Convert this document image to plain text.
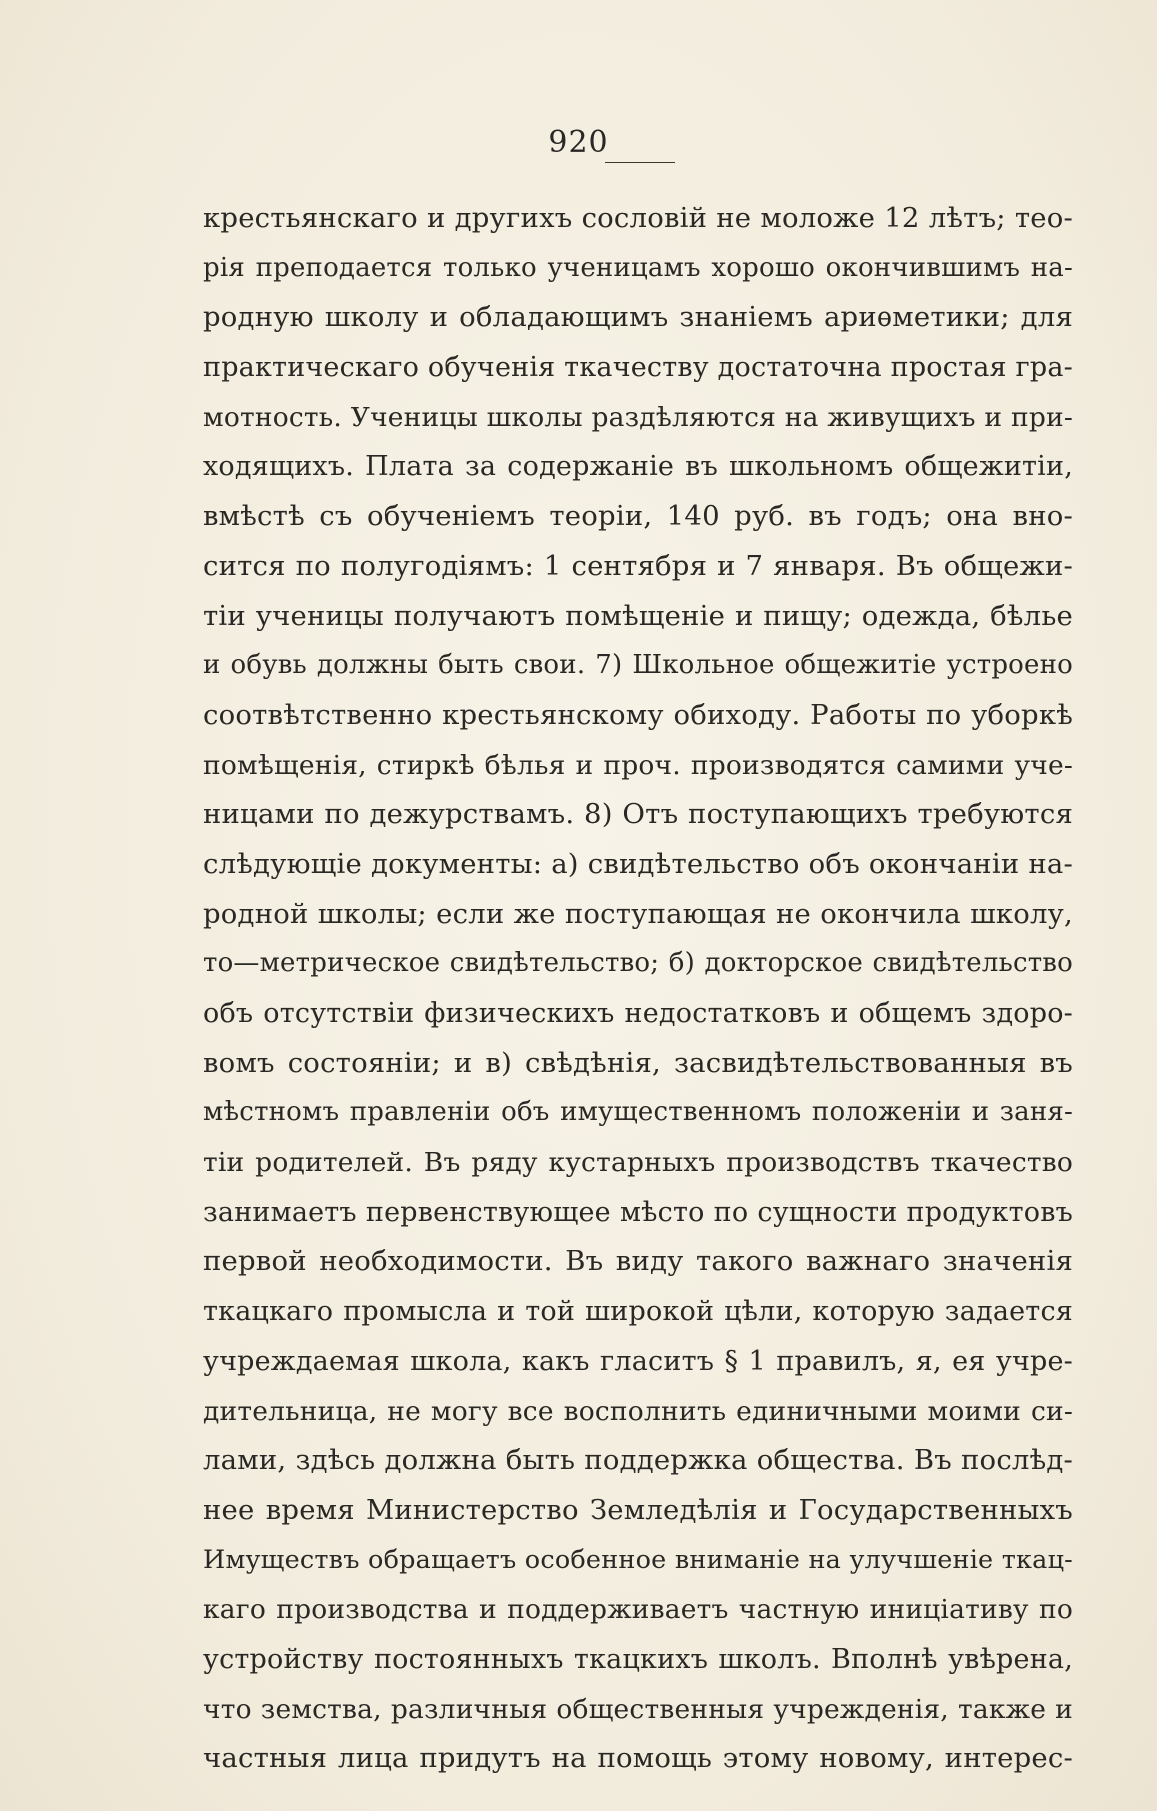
920
крестьянскаго и другихъ сословій не моложе 12 лѣтъ; тео-
рія преподается только ученицамъ хорошо окончившимъ на-
родную школу и обладающимъ знаніемъ ариѳметики; для
практическаго обученія ткачеству достаточна простая гра-
мотность. Ученицы школы раздѣляются на живущихъ и при-
ходящихъ. Плата за содержаніе въ школьномъ общежитіи,
вмѣстѣ съ обученіемъ теоріи, 140 руб. въ годъ; она вно-
сится по полугодіямъ: 1 сентября и 7 января. Въ общежи-
тіи ученицы получаютъ помѣщеніе и пищу; одежда, бѣлье
и обувь должны быть свои. 7) Школьное общежитіе устроено
соотвѣтственно крестьянскому обиходу. Работы по уборкѣ
помѣщенія, стиркѣ бѣлья и проч. производятся самими уче-
ницами по дежурствамъ. 8) Отъ поступающихъ требуются
слѣдующіе документы: а) свидѣтельство объ окончаніи на-
родной школы; если же поступающая не окончила школу,
то—метрическое свидѣтельство; б) докторское свидѣтельство
объ отсутствіи физическихъ недостатковъ и общемъ здоро-
вомъ состояніи; и в) свѣдѣнія, засвидѣтельствованныя въ
мѣстномъ правленіи объ имущественномъ положеніи и заня-
тіи родителей. Въ ряду кустарныхъ производствъ ткачество
занимаетъ первенствующее мѣсто по сущности продуктовъ
первой необходимости. Въ виду такого важнаго значенія
ткацкаго промысла и той широкой цѣли, которую задается
учреждаемая школа, какъ гласитъ § 1 правилъ, я, ея учре-
дительница, не могу все восполнить единичными моими си-
лами, здѣсь должна быть поддержка общества. Въ послѣд-
нее время Министерство Земледѣлія и Государственныхъ
Имуществъ обращаетъ особенное вниманіе на улучшеніе ткац-
каго производства и поддерживаетъ частную иниціативу по
устройству постоянныхъ ткацкихъ школъ. Вполнѣ увѣрена,
что земства, различныя общественныя учрежденія, также и
частныя лица придутъ на помощь этому новому, интерес-
